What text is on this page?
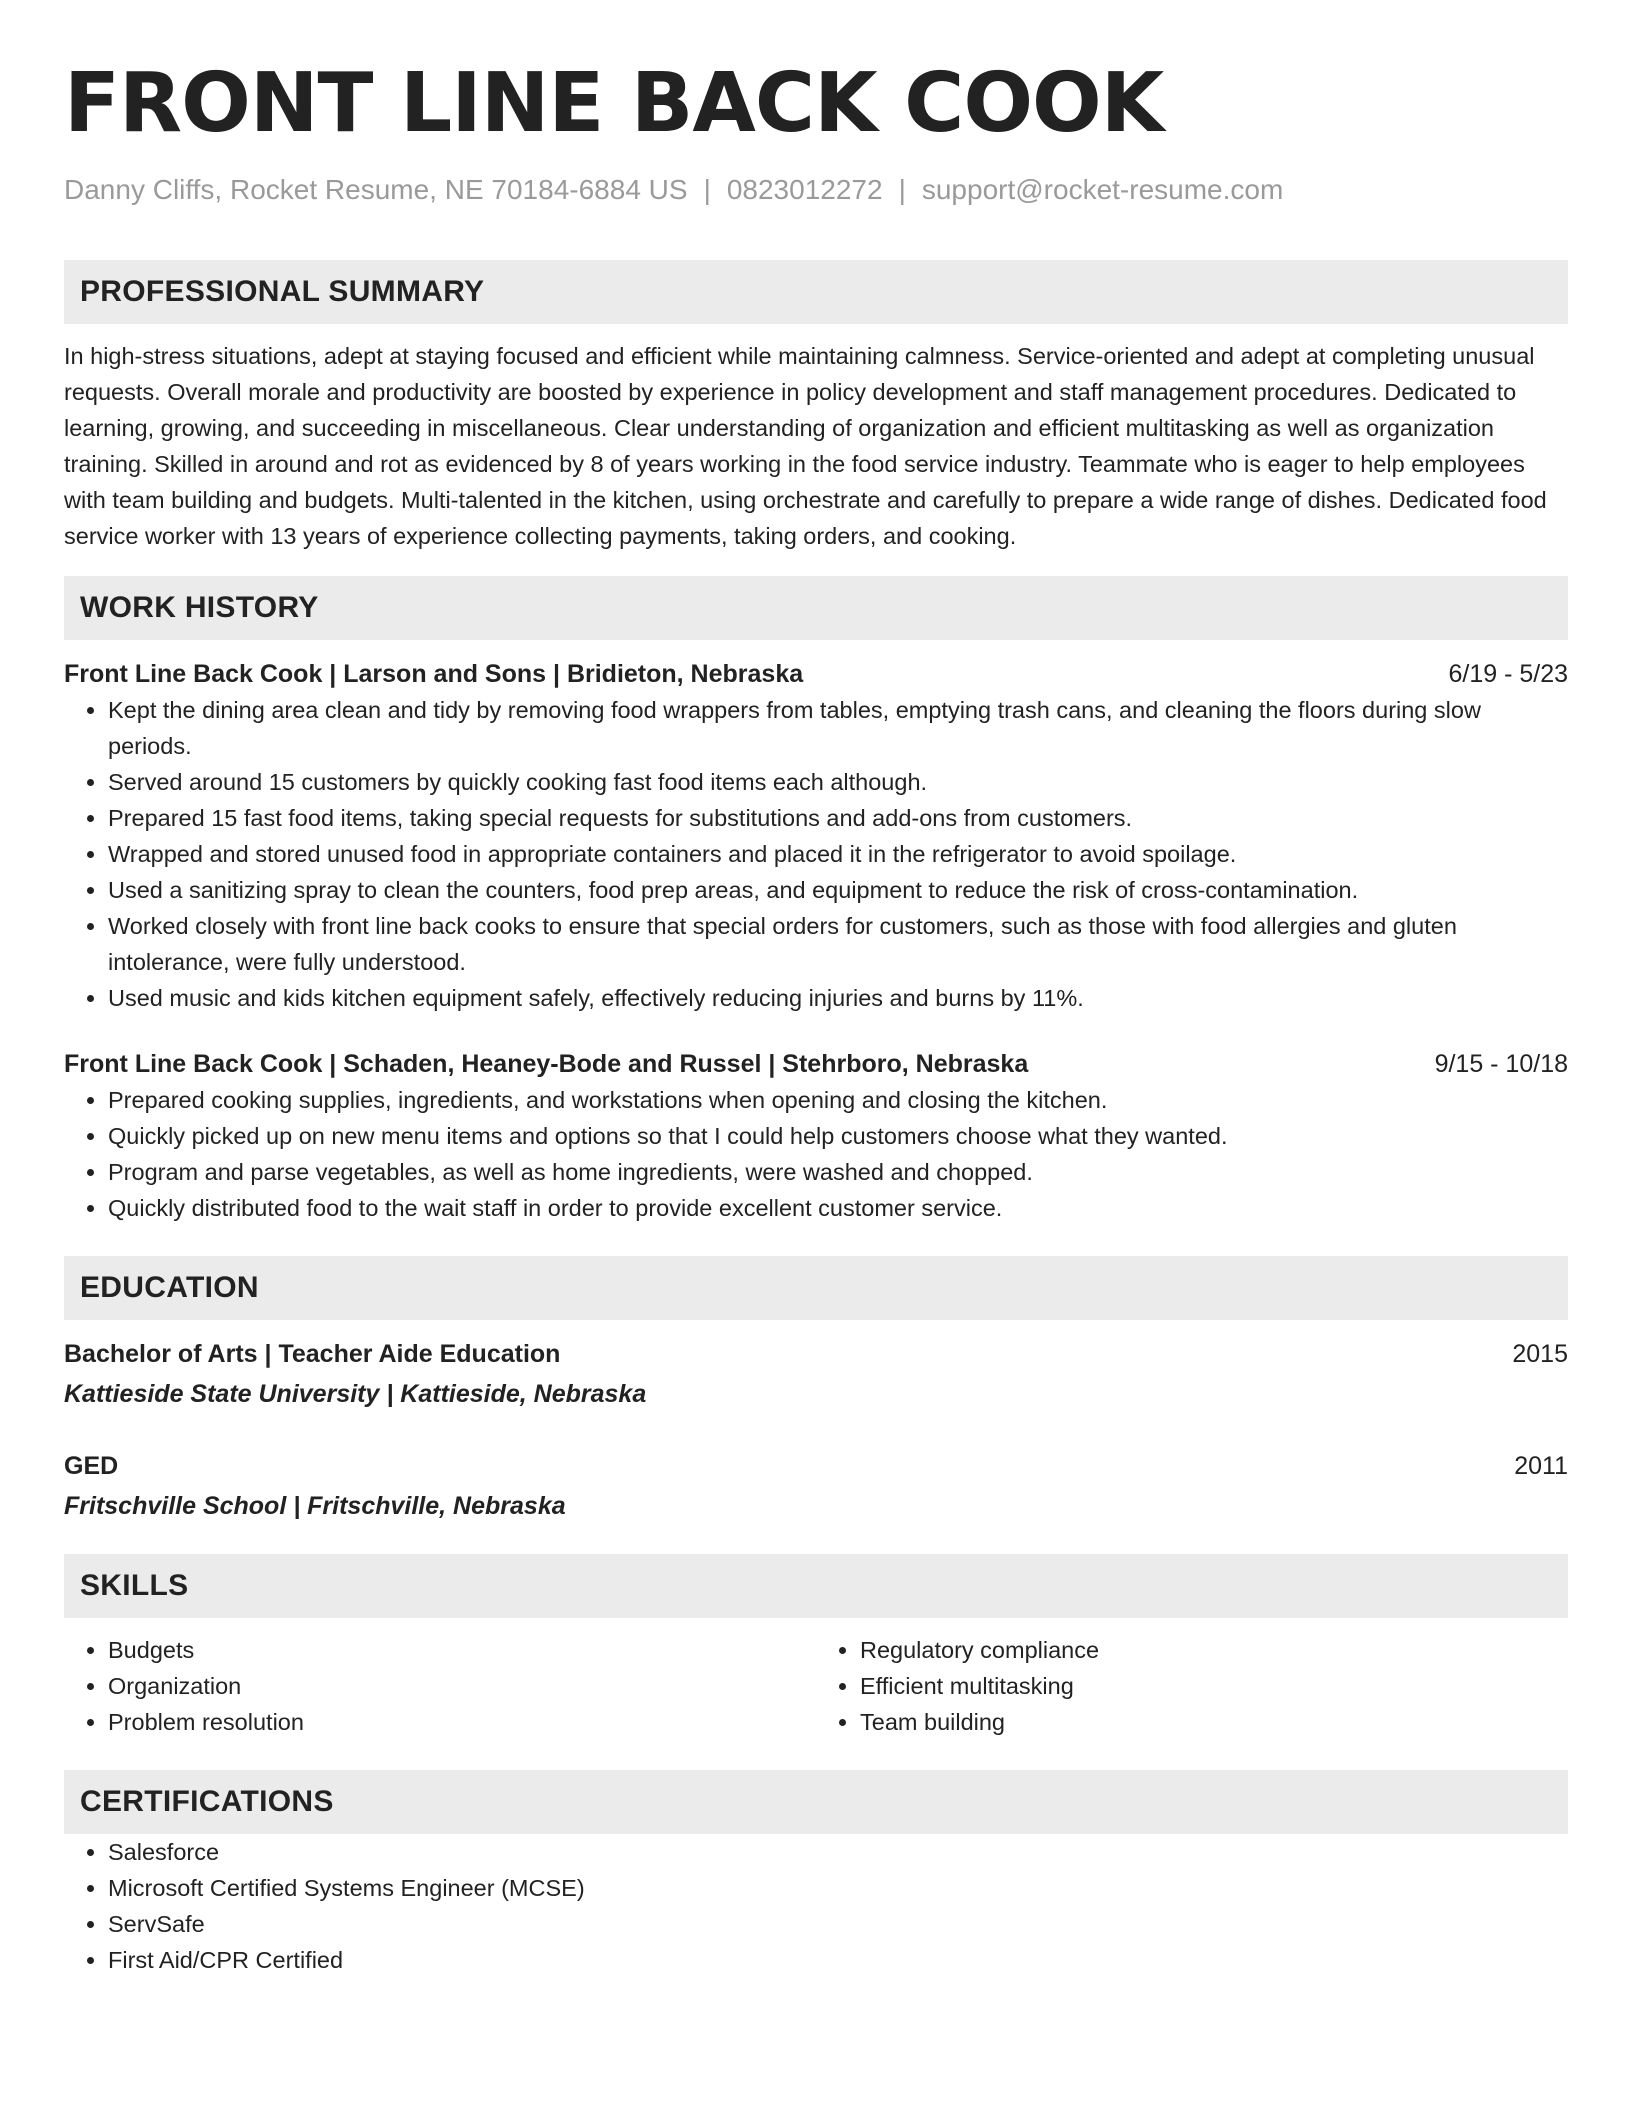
FRONT LINE BACK COOK
Danny Cliffs, Rocket Resume, NE 70184-6884 US | 0823012272 | support@rocket-resume.com
PROFESSIONAL SUMMARY
In high-stress situations, adept at staying focused and efficient while maintaining calmness. Service-oriented and adept at completing unusual requests. Overall morale and productivity are boosted by experience in policy development and staff management procedures. Dedicated to learning, growing, and succeeding in miscellaneous. Clear understanding of organization and efficient multitasking as well as organization training. Skilled in around and rot as evidenced by 8 of years working in the food service industry. Teammate who is eager to help employees with team building and budgets. Multi-talented in the kitchen, using orchestrate and carefully to prepare a wide range of dishes. Dedicated food service worker with 13 years of experience collecting payments, taking orders, and cooking.
WORK HISTORY
Front Line Back Cook | Larson and Sons | Bridieton, Nebraska	6/19 - 5/23
• Kept the dining area clean and tidy by removing food wrappers from tables, emptying trash cans, and cleaning the floors during slow periods.
• Served around 15 customers by quickly cooking fast food items each although.
• Prepared 15 fast food items, taking special requests for substitutions and add-ons from customers.
• Wrapped and stored unused food in appropriate containers and placed it in the refrigerator to avoid spoilage.
• Used a sanitizing spray to clean the counters, food prep areas, and equipment to reduce the risk of cross-contamination.
• Worked closely with front line back cooks to ensure that special orders for customers, such as those with food allergies and gluten intolerance, were fully understood.
• Used music and kids kitchen equipment safely, effectively reducing injuries and burns by 11%.
Front Line Back Cook | Schaden, Heaney-Bode and Russel | Stehrboro, Nebraska	9/15 - 10/18
• Prepared cooking supplies, ingredients, and workstations when opening and closing the kitchen.
• Quickly picked up on new menu items and options so that I could help customers choose what they wanted.
• Program and parse vegetables, as well as home ingredients, were washed and chopped.
• Quickly distributed food to the wait staff in order to provide excellent customer service.
EDUCATION
Bachelor of Arts | Teacher Aide Education	2015
Kattieside State University | Kattieside, Nebraska
GED	2011
Fritschville School | Fritschville, Nebraska
SKILLS
• Budgets
• Organization
• Problem resolution
• Regulatory compliance
• Efficient multitasking
• Team building
CERTIFICATIONS
• Salesforce
• Microsoft Certified Systems Engineer (MCSE)
• ServSafe
• First Aid/CPR Certified
